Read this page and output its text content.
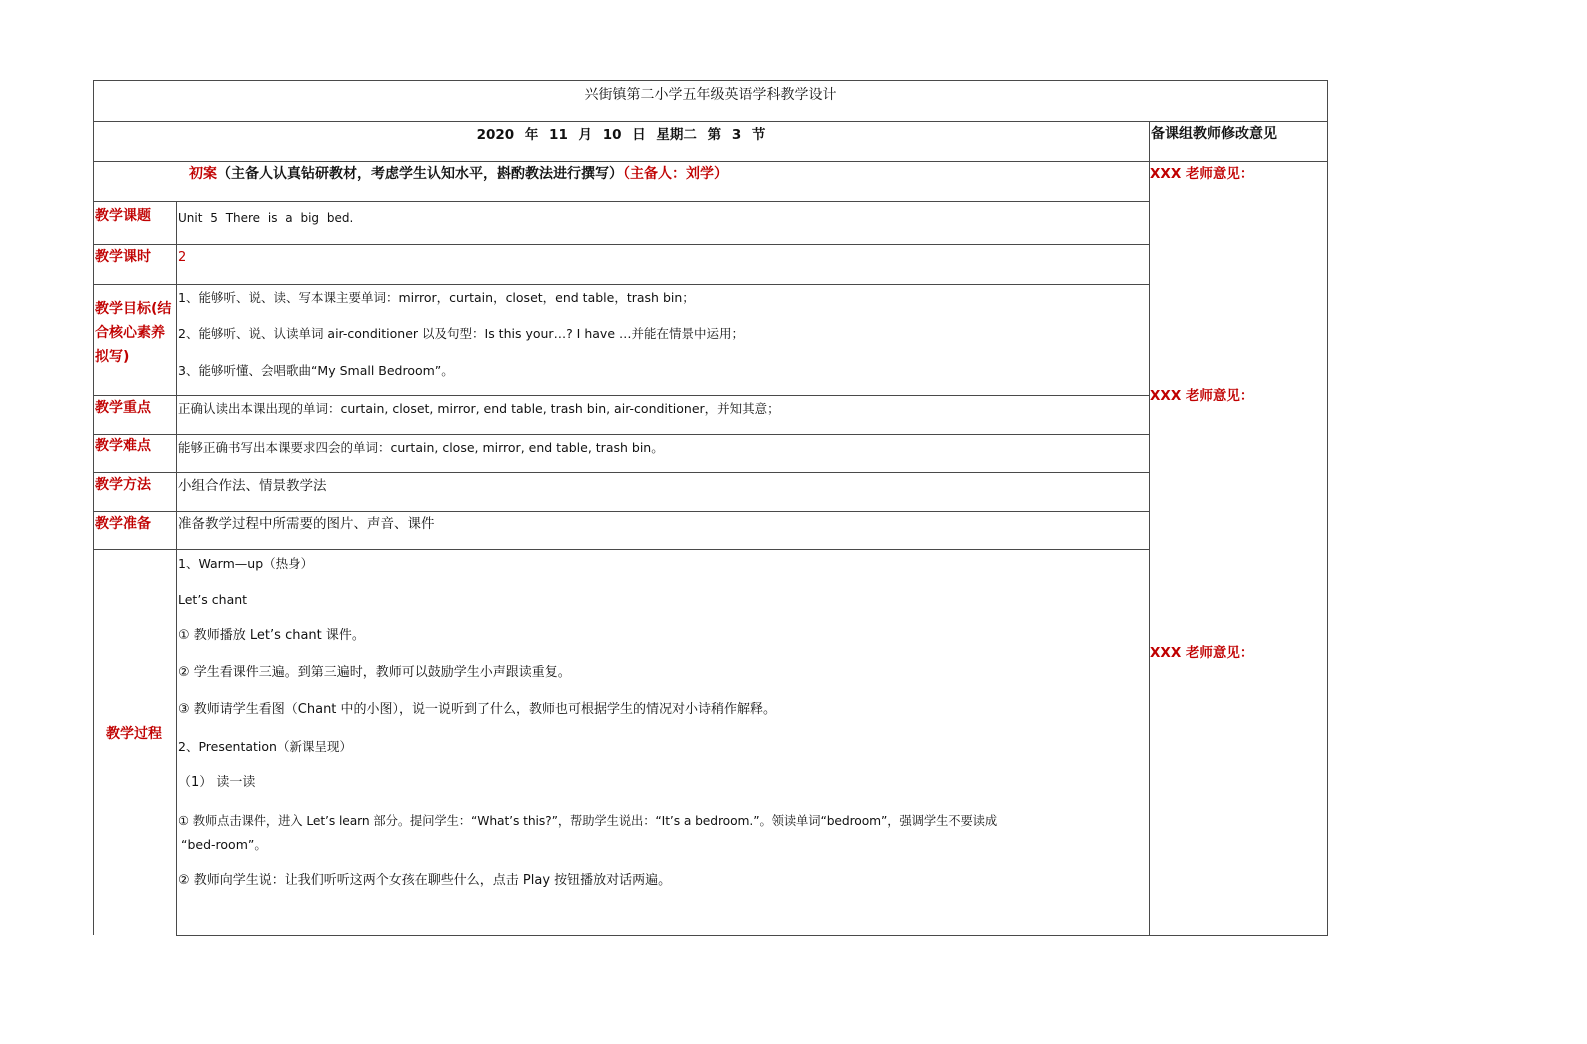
兴街镇第二小学五年级英语学科教学设计
2020 年 11 月 10 日 星期二 第 3 节	备课组教师修改意见
初案（主备人认真钻研教材，考虑学生认知水平，斟酌教法进行撰写）（主备人：刘学）
教学课题 Unit 5 There is a big bed.
教学课时 2
教学目标(结合核心素养拟写)
1、能够听、说、读、写本课主要单词：mirror，curtain，closet，end table，trash bin；
2、能够听、说、认读单词 air-conditioner 以及句型：Is this your…? I have …并能在情景中运用；
3、能够听懂、会唱歌曲“My Small Bedroom”。
教学重点 正确认读出本课出现的单词：curtain, closet, mirror, end table, trash bin, air-conditioner，并知其意；
教学难点 能够正确书写出本课要求四会的单词：curtain, close, mirror, end table, trash bin。
教学方法 小组合作法、情景教学法
教学准备 准备教学过程中所需要的图片、声音、课件
教学过程
1、Warm—up（热身）
Let’s chant
① 教师播放 Let’s chant 课件。
② 学生看课件三遍。到第三遍时，教师可以鼓励学生小声跟读重复。
③ 教师请学生看图（Chant 中的小图），说一说听到了什么，教师也可根据学生的情况对小诗稍作解释。
2、Presentation（新课呈现）
（1） 读一读
① 教师点击课件，进入 Let’s learn 部分。提问学生：“What’s this?”，帮助学生说出：“It’s a bedroom.”。领读单词“bedroom”，强调学生不要读成
“bed-room”。
② 教师向学生说：让我们听听这两个女孩在聊些什么，点击 Play 按钮播放对话两遍。
XXX 老师意见：
XXX 老师意见：
XXX 老师意见：
